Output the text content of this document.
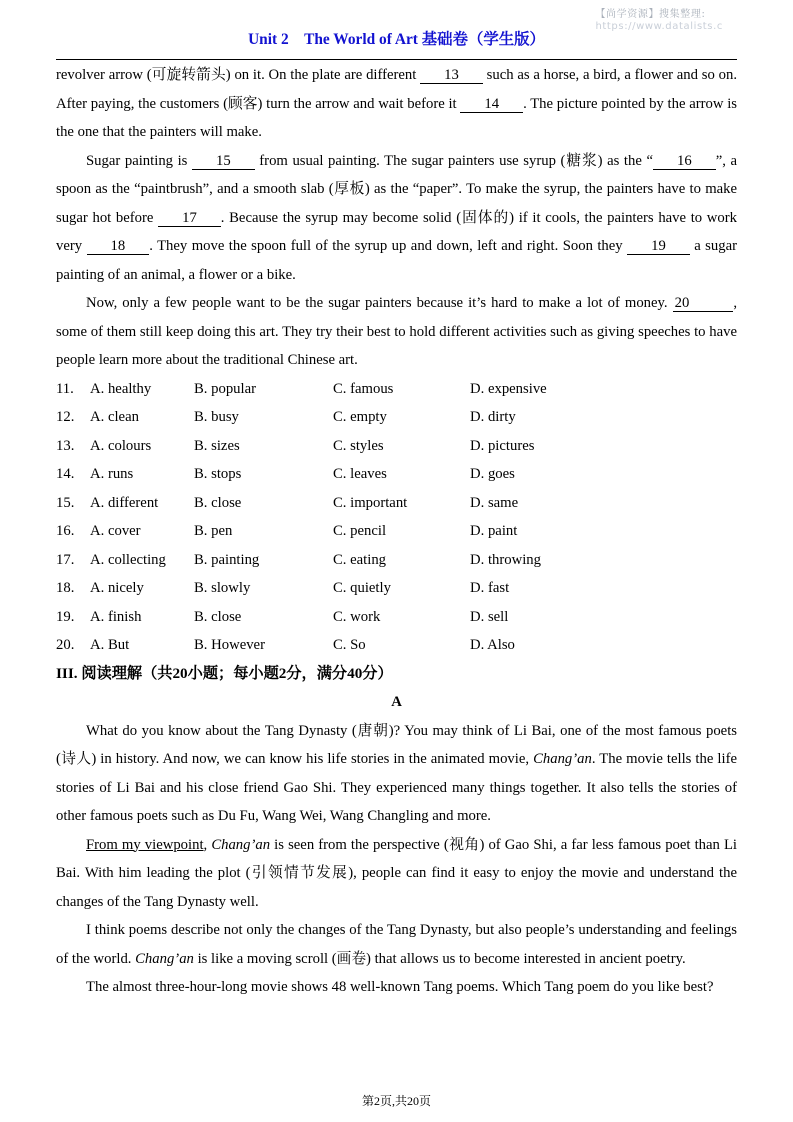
【尚学资源】搜集整理:
https://www.datalists.c
Unit 2　The World of Art 基础卷（学生版）

revolver arrow (可旋转箭头) on it. On the plate are different 13 such as a horse, a bird, a flower and so on. After paying, the customers (顾客) turn the arrow and wait before it 14 . The picture pointed by the arrow is the one that the painters will make.

Sugar painting is 15 from usual painting. The sugar painters use syrup (糖浆) as the “ 16 ”, a spoon as the “paintbrush”, and a smooth slab (厚板) as the “paper”. To make the syrup, the painters have to make sugar hot before 17 . Because the syrup may become solid (固体的) if it cools, the painters have to work very 18 . They move the spoon full of the syrup up and down, left and right. Soon they 19 a sugar painting of an animal, a flower or a bike.

Now, only a few people want to be the sugar painters because it’s hard to make a lot of money. 20	, some of them still keep doing this art. They try their best to hold different activities such as giving speeches to have people learn more about the traditional Chinese art.

11.	A. healthy	B. popular	C. famous	D. expensive
12.	A. clean	B. busy	C. empty	D. dirty
13.	A. colours	B. sizes	C. styles	D. pictures
14.	A. runs	B. stops	C. leaves	D. goes
15.	A. different	B. close	C. important	D. same
16.	A. cover	B. pen	C. pencil	D. paint
17.	A. collecting	B. painting	C. eating	D. throwing
18.	A. nicely	B. slowly	C. quietly	D. fast
19.	A. finish	B. close	C. work	D. sell
20.	A. But	B. However	C. So	D. Also
III. 阅读理解（共20小题；每小题2分，满分40分）
A

What do you know about the Tang Dynasty (唐朝)? You may think of Li Bai, one of the most famous poets (诗人) in history. And now, we can know his life stories in the animated movie, Chang’an. The movie tells the life stories of Li Bai and his close friend Gao Shi. They experienced many things together. It also tells the stories of other famous poets such as Du Fu, Wang Wei, Wang Changling and more.

From my viewpoint, Chang’an is seen from the perspective (视角) of Gao Shi, a far less famous poet than Li Bai. With him leading the plot (引领情节发展), people can find it easy to enjoy the movie and understand the changes of the Tang Dynasty well.

I think poems describe not only the changes of the Tang Dynasty, but also people’s understanding and feelings of the world. Chang’an is like a moving scroll (画卷) that allows us to become interested in ancient poetry.

The almost three-hour-long movie shows 48 well-known Tang poems. Which Tang poem do you like best?

第2页,共20页
